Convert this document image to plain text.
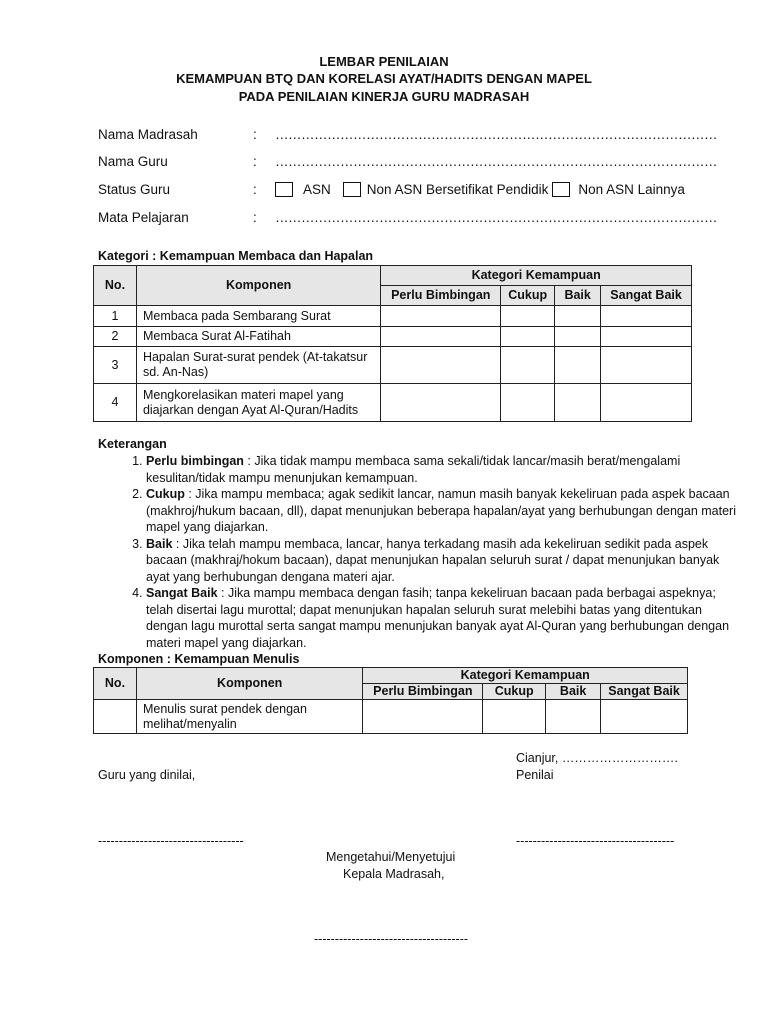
LEMBAR PENILAIAN
KEMAMPUAN BTQ DAN KORELASI AYAT/HADITS DENGAN MAPEL
PADA PENILAIAN KINERJA GURU MADRASAH
Nama Madrasah	: …………………………………………………………………………………………
Nama Guru	: …………………………………………………………………………………………
Status Guru	:	ASN	Non ASN Bersetifikat Pendidik Non ASN Lainnya
Mata Pelajaran	: …………………………………………………………………………………………
Kategori : Kemampuan Membaca dan Hapalan
No.	Komponen	Kategori Kemampuan			
		Perlu Bimbingan	Cukup	Baik	Sangat Baik
1	Membaca pada Sembarang Surat				
2	Membaca Surat Al-Fatihah				
3	Hapalan Surat-surat pendek (At-takatsur sd. An-Nas)				
4	Mengkorelasikan materi mapel yang diajarkan dengan Ayat Al-Quran/Hadits				
Keterangan
1. Perlu bimbingan : Jika tidak mampu membaca sama sekali/tidak lancar/masih berat/mengalami kesulitan/tidak mampu menunjukan kemampuan.
2. Cukup : Jika mampu membaca; agak sedikit lancar, namun masih banyak kekeliruan pada aspek bacaan (makhroj/hukum bacaan, dll), dapat menunjukan beberapa hapalan/ayat yang berhubungan dengan materi mapel yang diajarkan.
3. Baik : Jika telah mampu membaca, lancar, hanya terkadang masih ada kekeliruan sedikit pada aspek bacaan (makhraj/hokum bacaan), dapat menunjukan hapalan seluruh surat / dapat menunjukan banyak ayat yang berhubungan dengana materi ajar.
4. Sangat Baik : Jika mampu membaca dengan fasih; tanpa kekeliruan bacaan pada berbagai aspeknya; telah disertai lagu murottal; dapat menunjukan hapalan seluruh surat melebihi batas yang ditentukan dengan lagu murottal serta sangat mampu menunjukan banyak ayat Al-Quran yang berhubungan dengan materi mapel yang diajarkan.
Komponen : Kemampuan Menulis
No.	Komponen	Kategori Kemampuan			
		Perlu Bimbingan	Cukup	Baik	Sangat Baik
	Menulis surat pendek dengan melihat/menyalin				
Cianjur, ……………………….
Penilai
Guru yang dinilai,
-----------------------------------	--------------------------------------
Mengetahui/Menyetujui
Kepala Madrasah,
-------------------------------------
